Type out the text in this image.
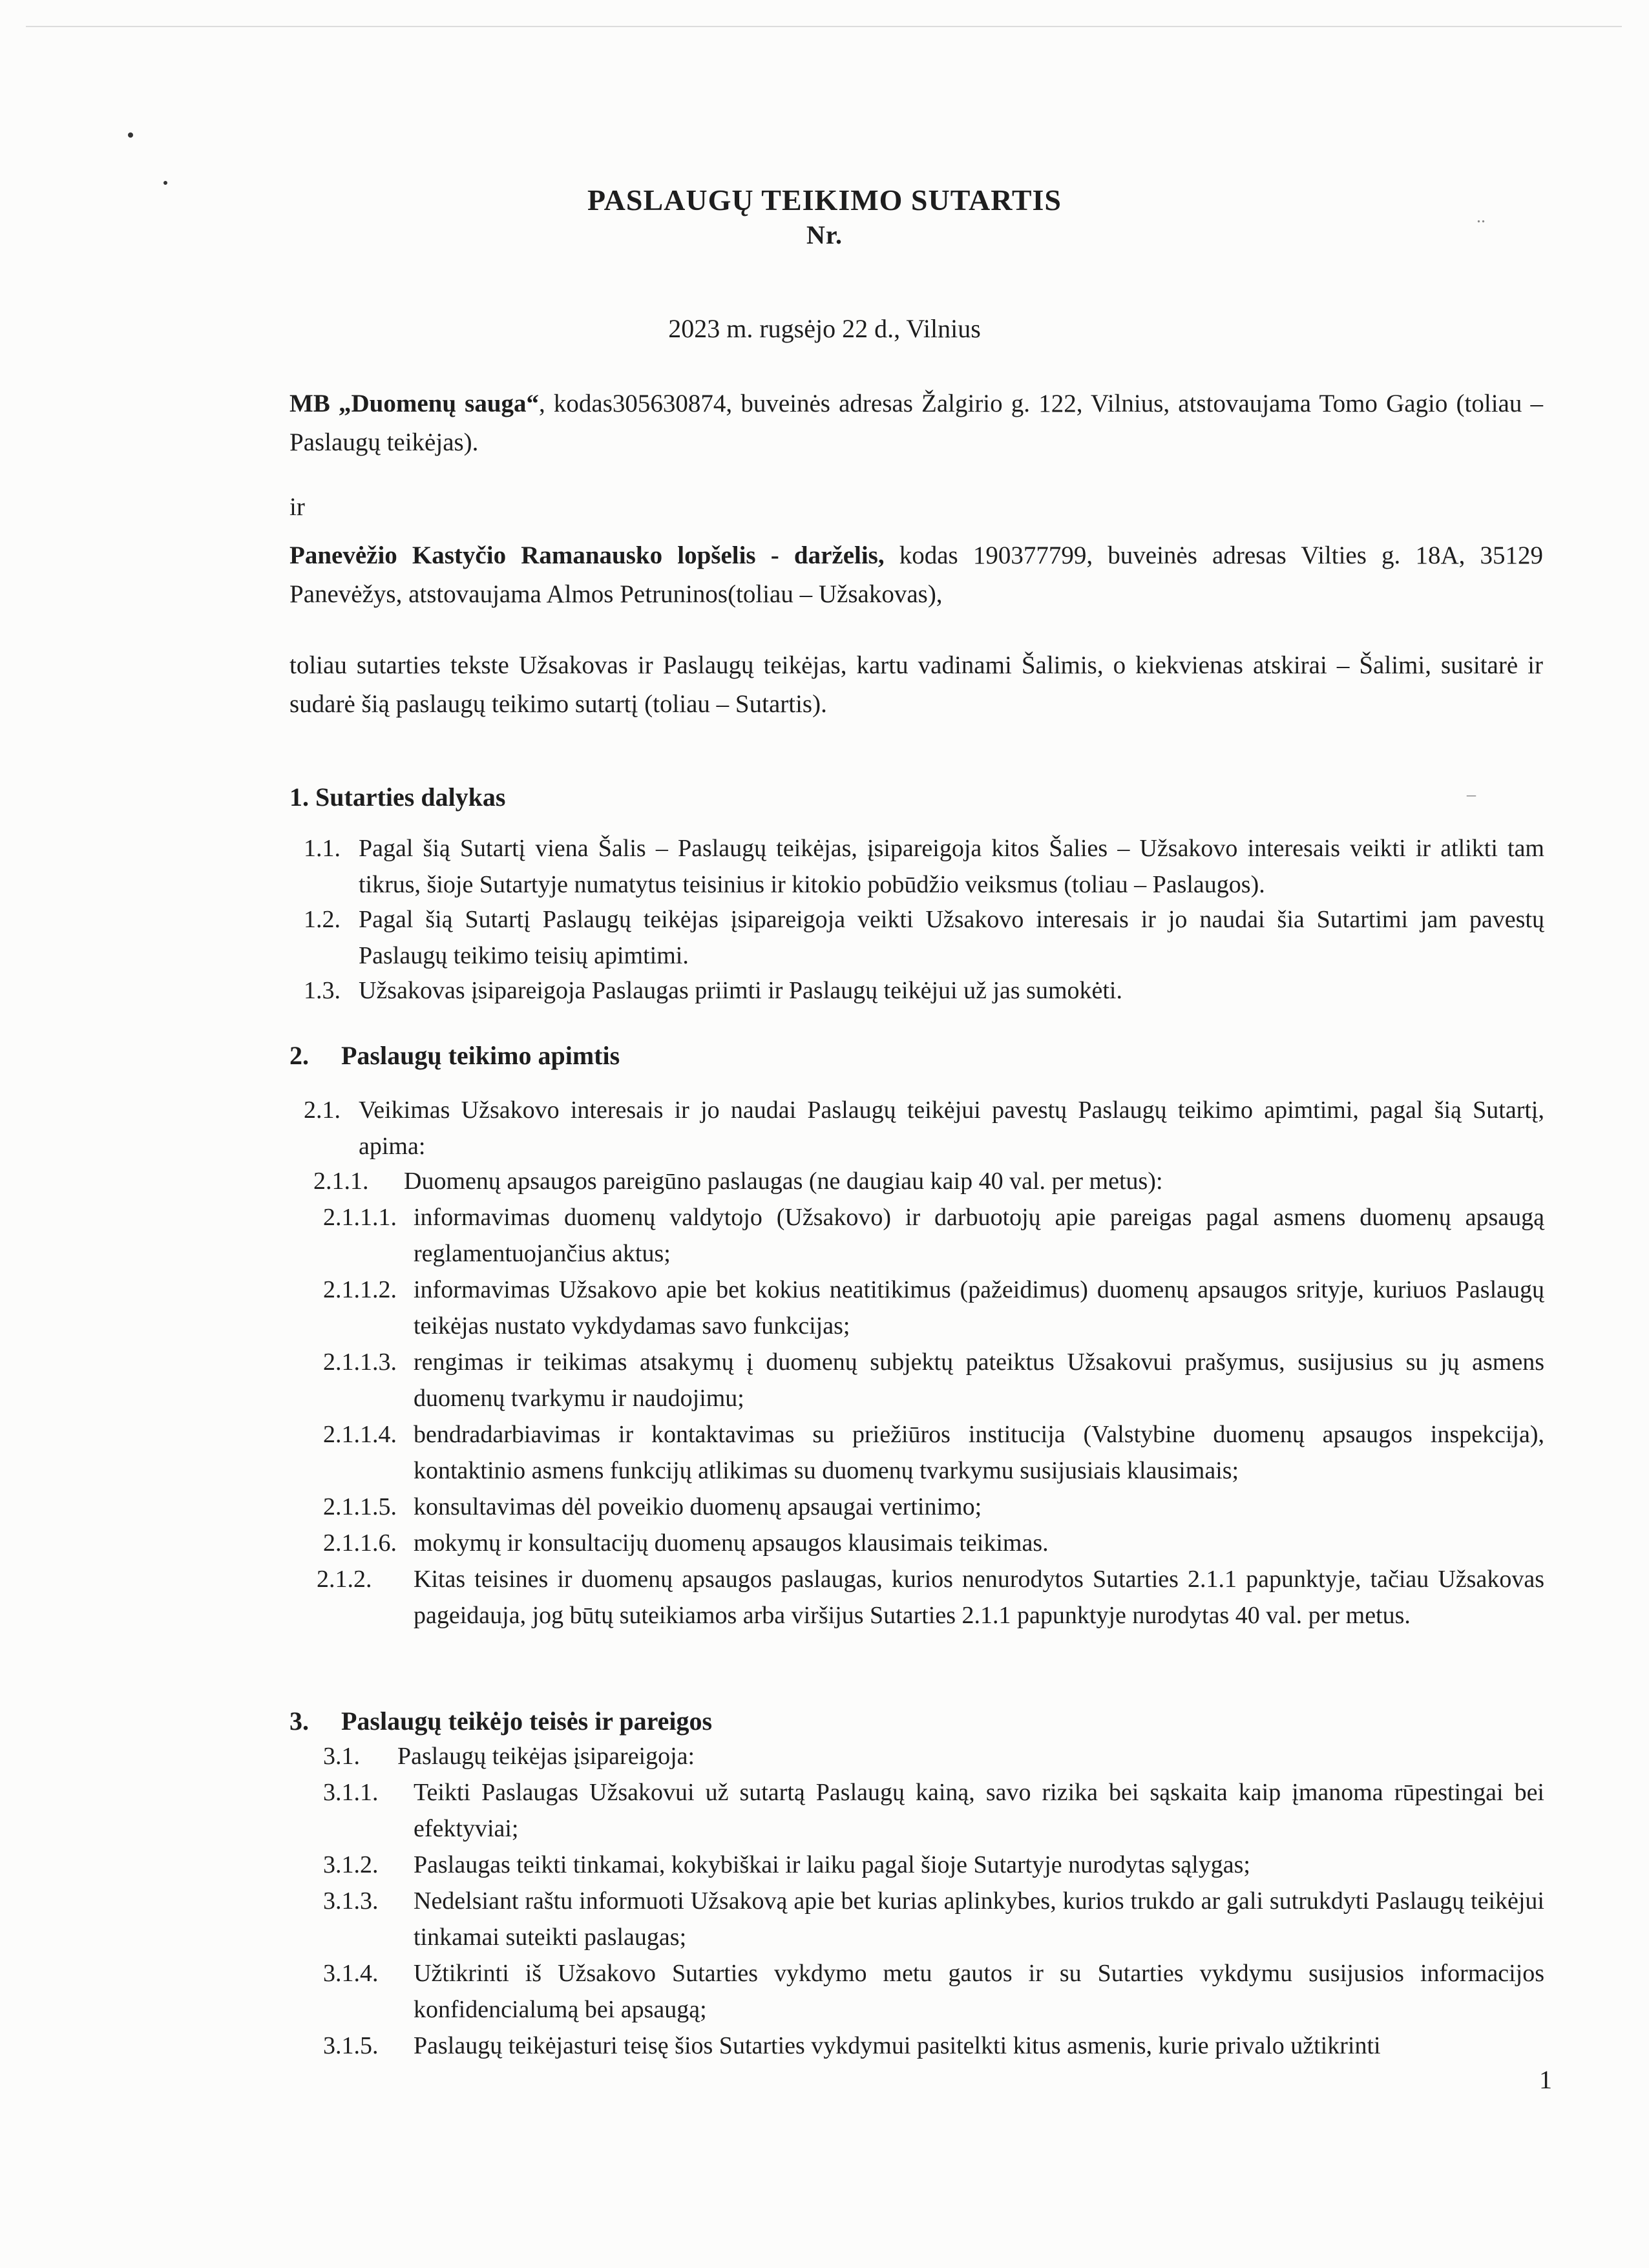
..
_
PASLAUGŲ TEIKIMO SUTARTIS
Nr.
2023 m. rugsėjo 22 d., Vilnius
MB „Duomenų sauga“, kodas305630874, buveinės adresas Žalgirio g. 122, Vilnius, atstovaujama Tomo Gagio (toliau – Paslaugų teikėjas).
ir
Panevėžio Kastyčio Ramanausko lopšelis - darželis, kodas 190377799, buveinės adresas Vilties g. 18A, 35129 Panevėžys, atstovaujama Almos Petruninos(toliau – Užsakovas),
toliau sutarties tekste Užsakovas ir Paslaugų teikėjas, kartu vadinami Šalimis, o kiekvienas atskirai – Šalimi, susitarė ir sudarė šią paslaugų teikimo sutartį (toliau – Sutartis).
1. Sutarties dalykas
1.1. Pagal šią Sutartį viena Šalis – Paslaugų teikėjas, įsipareigoja kitos Šalies – Užsakovo interesais veikti ir atlikti tam tikrus, šioje Sutartyje numatytus teisinius ir kitokio pobūdžio veiksmus (toliau – Paslaugos).
1.2. Pagal šią Sutartį Paslaugų teikėjas įsipareigoja veikti Užsakovo interesais ir jo naudai šia Sutartimi jam pavestų Paslaugų teikimo teisių apimtimi.
1.3. Užsakovas įsipareigoja Paslaugas priimti ir Paslaugų teikėjui už jas sumokėti.
2. Paslaugų teikimo apimtis
2.1. Veikimas Užsakovo interesais ir jo naudai Paslaugų teikėjui pavestų Paslaugų teikimo apimtimi, pagal šią Sutartį, apima:
2.1.1.	Duomenų apsaugos pareigūno paslaugas (ne daugiau kaip 40 val. per metus):
2.1.1.1. informavimas duomenų valdytojo (Užsakovo) ir darbuotojų apie pareigas pagal asmens duomenų apsaugą reglamentuojančius aktus;
2.1.1.2. informavimas Užsakovo apie bet kokius neatitikimus (pažeidimus) duomenų apsaugos srityje, kuriuos Paslaugų teikėjas nustato vykdydamas savo funkcijas;
2.1.1.3. rengimas ir teikimas atsakymų į duomenų subjektų pateiktus Užsakovui prašymus, susijusius su jų asmens duomenų tvarkymu ir naudojimu;
2.1.1.4. bendradarbiavimas ir kontaktavimas su priežiūros institucija (Valstybine duomenų apsaugos inspekcija), kontaktinio asmens funkcijų atlikimas su duomenų tvarkymu susijusiais klausimais;
2.1.1.5. konsultavimas dėl poveikio duomenų apsaugai vertinimo;
2.1.1.6. mokymų ir konsultacijų duomenų apsaugos klausimais teikimas.
2.1.2.	Kitas teisines ir duomenų apsaugos paslaugas, kurios nenurodytos Sutarties 2.1.1 papunktyje, tačiau Užsakovas pageidauja, jog būtų suteikiamos arba viršijus Sutarties 2.1.1 papunktyje nurodytas 40 val. per metus.
3. Paslaugų teikėjo teisės ir pareigos
3.1.	Paslaugų teikėjas įsipareigoja:
3.1.1.	Teikti Paslaugas Užsakovui už sutartą Paslaugų kainą, savo rizika bei sąskaita kaip įmanoma rūpestingai bei efektyviai;
3.1.2.	Paslaugas teikti tinkamai, kokybiškai ir laiku pagal šioje Sutartyje nurodytas sąlygas;
3.1.3.	Nedelsiant raštu informuoti Užsakovą apie bet kurias aplinkybes, kurios trukdo ar gali sutrukdyti Paslaugų teikėjui tinkamai suteikti paslaugas;
3.1.4.	Užtikrinti iš Užsakovo Sutarties vykdymo metu gautos ir su Sutarties vykdymu susijusios informacijos konfidencialumą bei apsaugą;
3.1.5.	Paslaugų teikėjasturi teisę šios Sutarties vykdymui pasitelkti kitus asmenis, kurie privalo užtikrinti
1
